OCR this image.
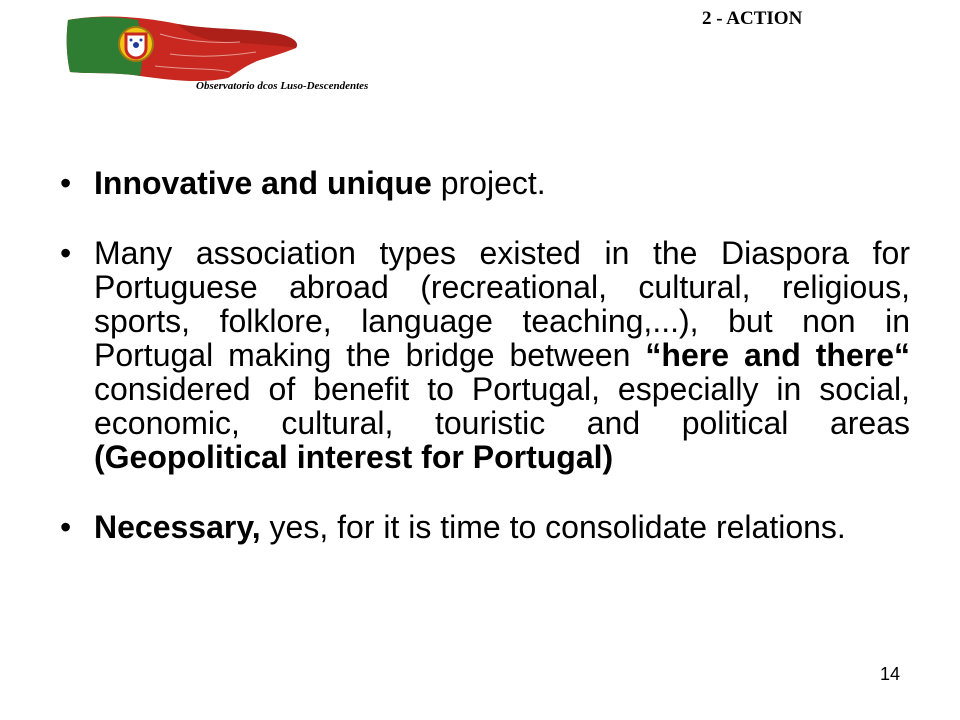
Observatorio dcos Luso-Descendentes
2 - ACTION
• Innovative and unique project.
• Many association types existed in the Diaspora for Portuguese abroad (recreational, cultural, religious, sports, folklore, language teaching,...), but non in Portugal making the bridge between “here and there“ considered of benefit to Portugal, especially in social, economic, cultural, touristic and political areas (Geopolitical interest for Portugal)
• Necessary, yes, for it is time to consolidate relations.
14
